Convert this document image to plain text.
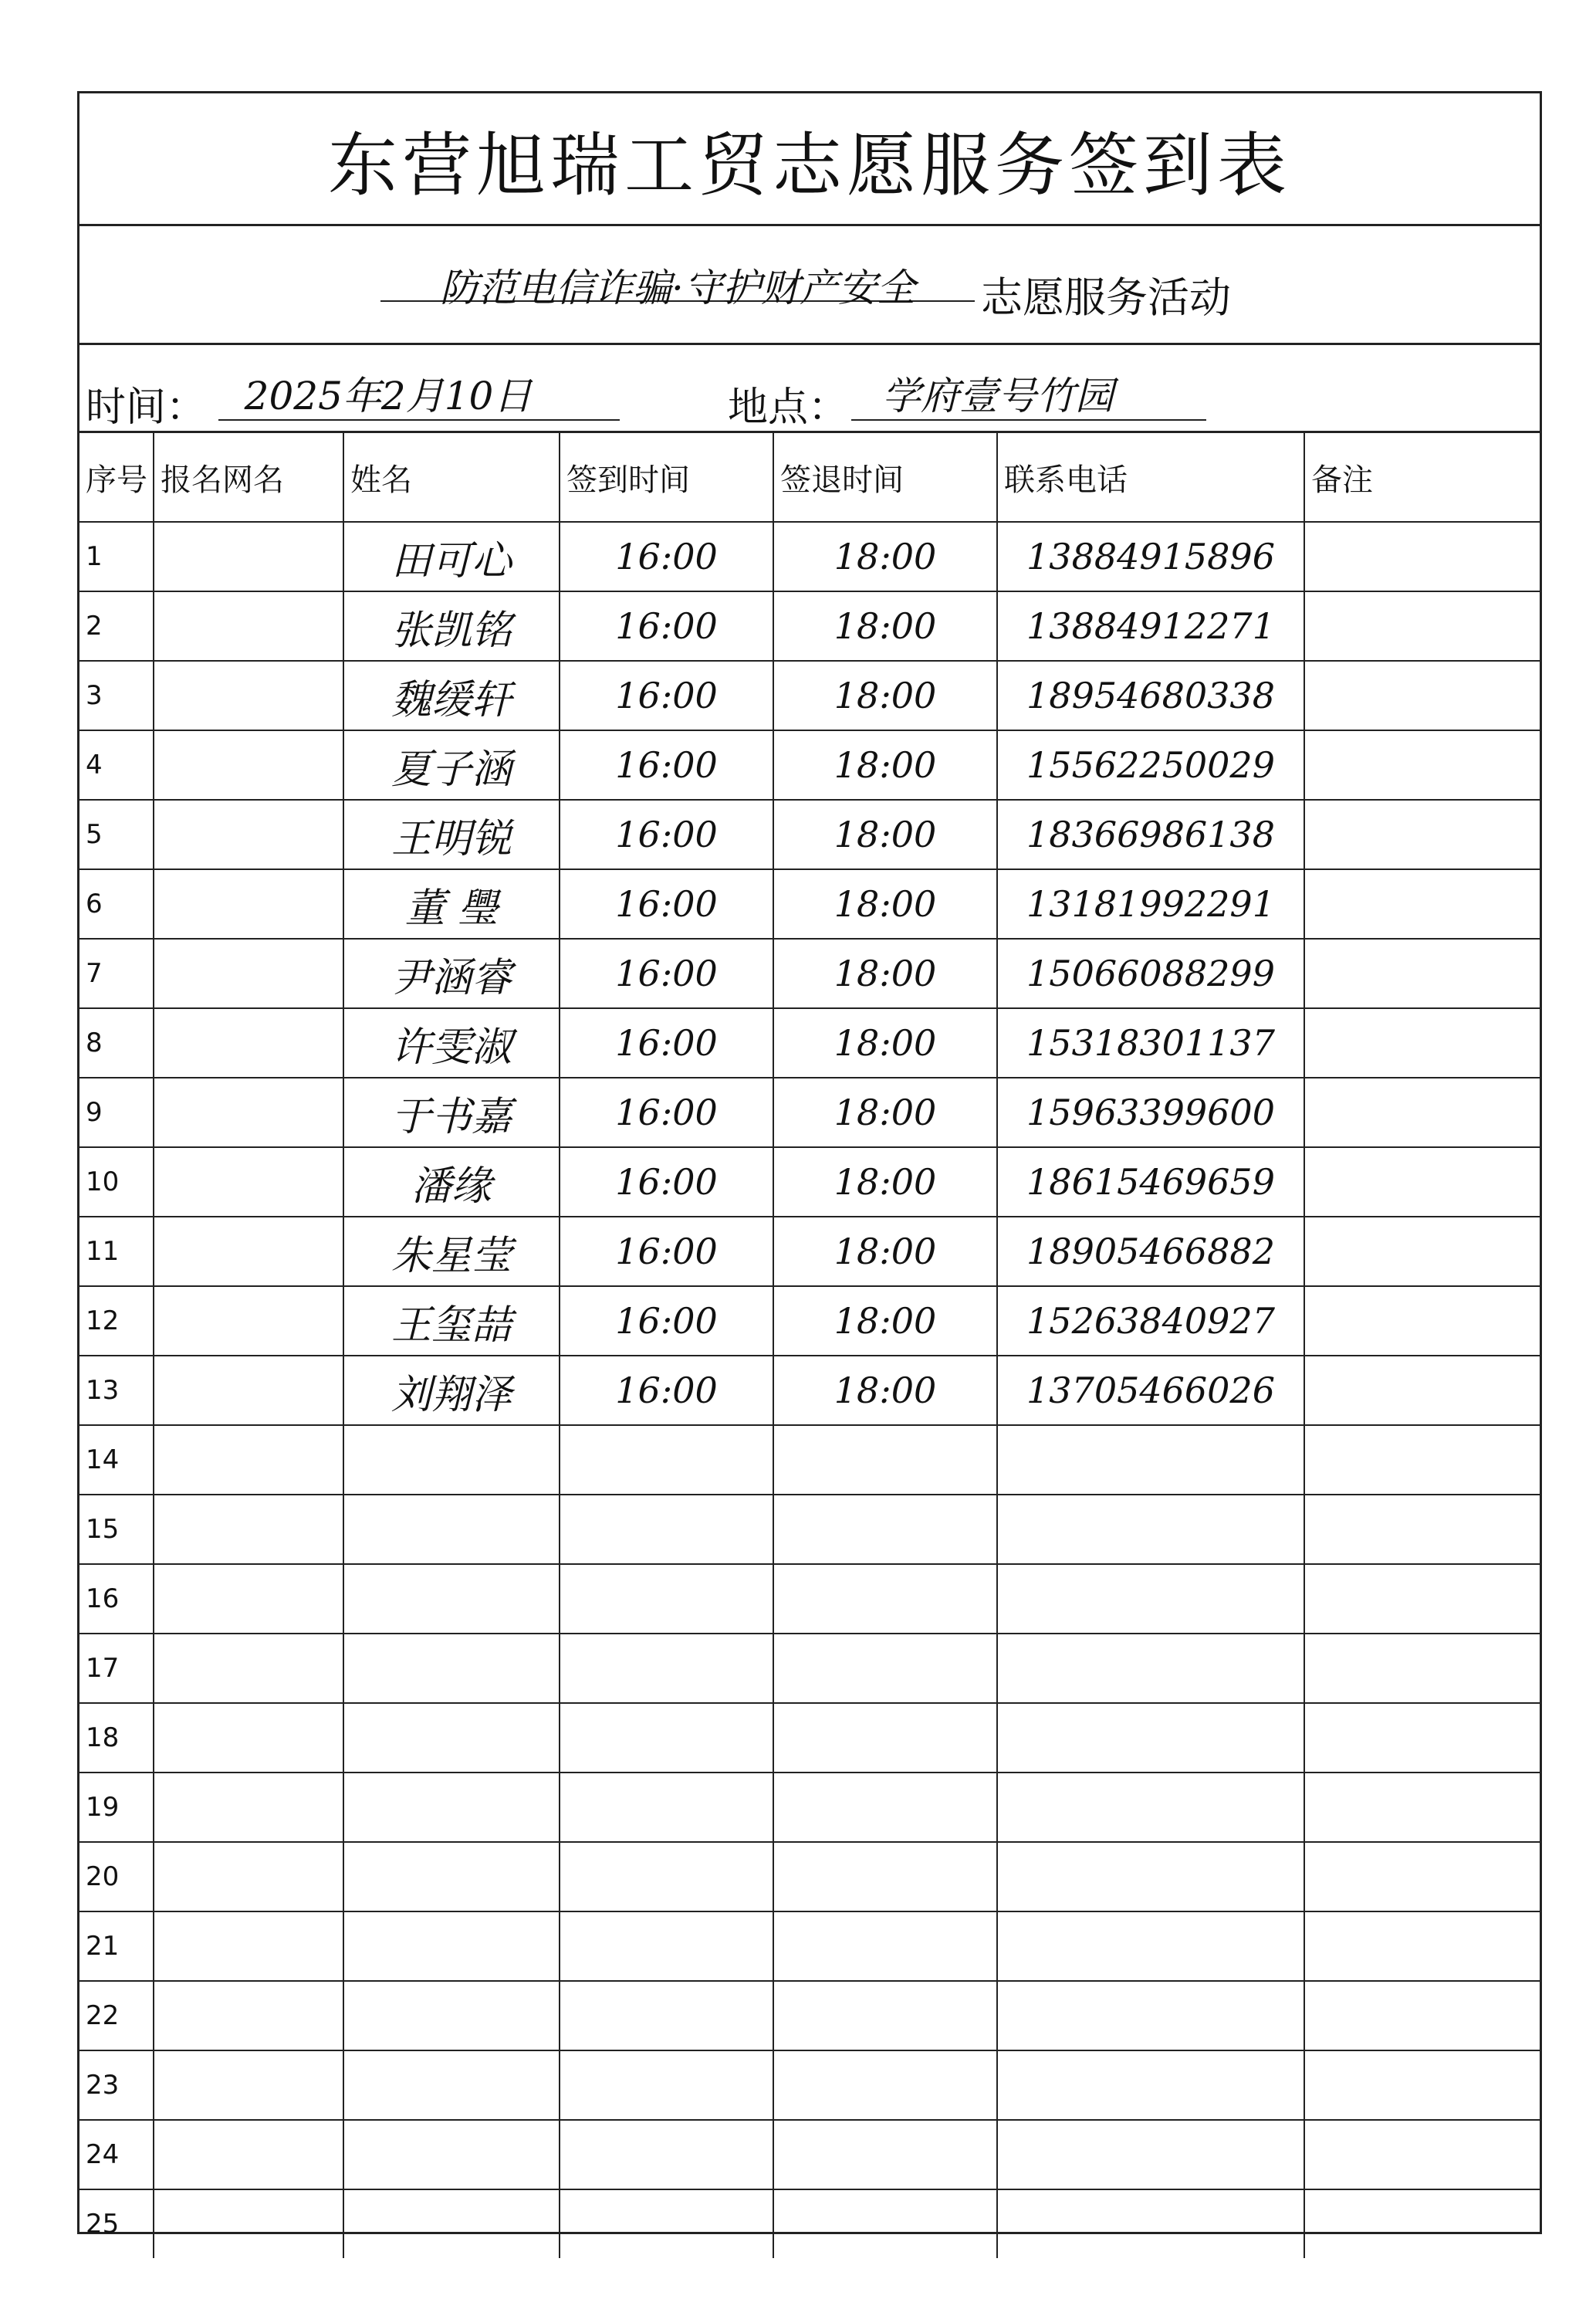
东营旭瑞工贸志愿服务签到表
防范电信诈骗·守护财产安全	志愿服务活动
时间： 2025年2月10日	地点： 学府壹号竹园
序号	报名网名	姓名	签到时间	签退时间	联系电话	备注
1		田可心	16:00	18:00	13884915896	
2		张凯铭	16:00	18:00	13884912271	
3		魏缓轩	16:00	18:00	18954680338	
4		夏子涵	16:00	18:00	15562250029	
5		王明锐	16:00	18:00	18366986138	
6		董 璺	16:00	18:00	13181992291	
7		尹涵睿	16:00	18:00	15066088299	
8		许雯淑	16:00	18:00	15318301137	
9		于书嘉	16:00	18:00	15963399600	
10		潘缘	16:00	18:00	18615469659	
11		朱星莹	16:00	18:00	18905466882	
12		王玺喆	16:00	18:00	15263840927	
13		刘翔泽	16:00	18:00	13705466026	
14						
15						
16						
17						
18						
19						
20						
21						
22						
23						
24						
25						
